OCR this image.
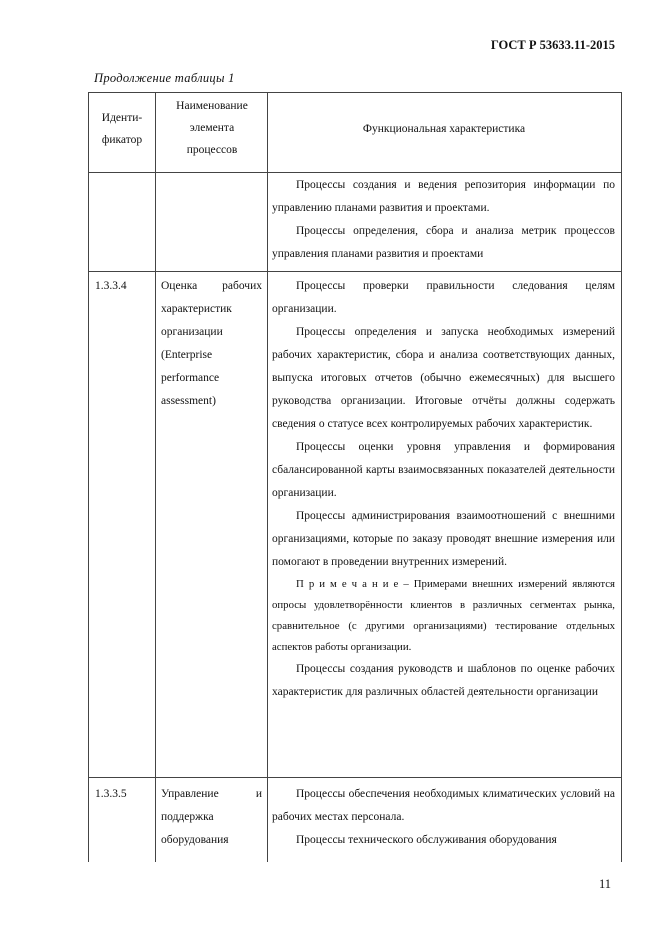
ГОСТ Р 53633.11-2015
Продолжение таблицы 1
Иденти-фикатор
Наименование элемента процессов
Функциональная характеристика

Процессы создания и ведения репозитория информации по управлению планами развития и проектами.

Процессы определения, сбора и анализа метрик процессов управления планами развития и проектами

1.3.3.4	Оценка рабочих характеристик организации (Enterprise performance assessment)

Процессы проверки правильности следования целям организации.

Процессы определения и запуска необходимых измерений рабочих характеристик, сбора и анализа соответствующих данных, выпуска итоговых отчетов (обычно ежемесячных) для высшего руководства организации. Итоговые отчёты должны содержать сведения о статусе всех контролируемых рабочих характеристик.

Процессы оценки уровня управления и формирования сбалансированной карты взаимосвязанных показателей деятельности организации.

Процессы администрирования взаимоотношений с внешними организациями, которые по заказу проводят внешние измерения или помогают в проведении внутренних измерений.

П р и м е ч а н и е – Примерами внешних измерений являются опросы удовлетворённости клиентов в различных сегментах рынка, сравнительное (с другими организациями) тестирование отдельных аспектов работы организации.

Процессы создания руководств и шаблонов по оценке рабочих характеристик для различных областей деятельности организации

1.3.3.5	Управление и поддержка оборудования

Процессы обеспечения необходимых климатических условий на рабочих местах персонала.

Процессы технического обслуживания оборудования

11
